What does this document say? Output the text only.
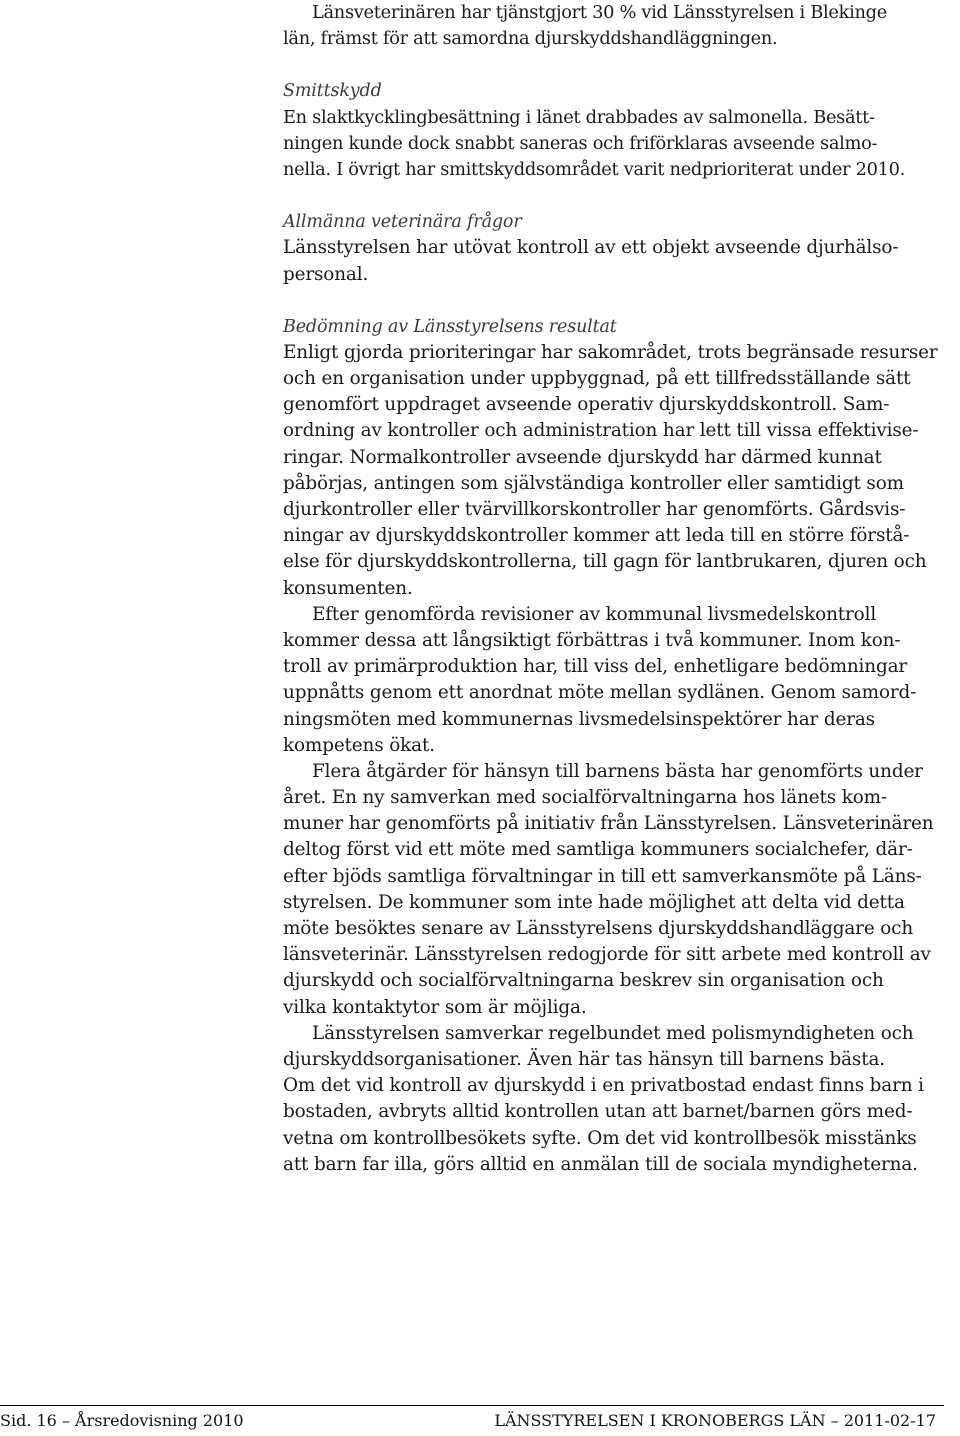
Länsveterinären har tjänstgjort 30 % vid Länsstyrelsen i Blekinge
län, främst för att samordna djurskyddshandläggningen.
Smittskydd
En slaktkycklingbesättning i länet drabbades av salmonella. Besätt-
ningen kunde dock snabbt saneras och friförklaras avseende salmo-
nella. I övrigt har smittskyddsområdet varit nedprioriterat under 2010.
Allmänna veterinära frågor
Länsstyrelsen har utövat kontroll av ett objekt avseende djurhälso-
personal.
Bedömning av Länsstyrelsens resultat
Enligt gjorda prioriteringar har sakområdet, trots begränsade resurser
och en organisation under uppbyggnad, på ett tillfredsställande sätt
genomfört uppdraget avseende operativ djurskyddskontroll. Sam-
ordning av kontroller och administration har lett till vissa effektivise-
ringar. Normalkontroller avseende djurskydd har därmed kunnat
påbörjas, antingen som självständiga kontroller eller samtidigt som
djurkontroller eller tvärvillkorskontroller har genomförts. Gårdsvis-
ningar av djurskyddskontroller kommer att leda till en större förstå-
else för djurskyddskontrollerna, till gagn för lantbrukaren, djuren och
konsumenten.
Efter genomförda revisioner av kommunal livsmedelskontroll
kommer dessa att långsiktigt förbättras i två kommuner. Inom kon-
troll av primärproduktion har, till viss del, enhetligare bedömningar
uppnåtts genom ett anordnat möte mellan sydlänen. Genom samord-
ningsmöten med kommunernas livsmedelsinspektörer har deras
kompetens ökat.
Flera åtgärder för hänsyn till barnens bästa har genomförts under
året. En ny samverkan med socialförvaltningarna hos länets kom-
muner har genomförts på initiativ från Länsstyrelsen. Länsveterinären
deltog först vid ett möte med samtliga kommuners socialchefer, där-
efter bjöds samtliga förvaltningar in till ett samverkansmöte på Läns-
styrelsen. De kommuner som inte hade möjlighet att delta vid detta
möte besöktes senare av Länsstyrelsens djurskyddshandläggare och
länsveterinär. Länsstyrelsen redogjorde för sitt arbete med kontroll av
djurskydd och socialförvaltningarna beskrev sin organisation och
vilka kontaktytor som är möjliga.
Länsstyrelsen samverkar regelbundet med polismyndigheten och
djurskyddsorganisationer. Även här tas hänsyn till barnens bästa.
Om det vid kontroll av djurskydd i en privatbostad endast finns barn i
bostaden, avbryts alltid kontrollen utan att barnet/barnen görs med-
vetna om kontrollbesökets syfte. Om det vid kontrollbesök misstänks
att barn far illa, görs alltid en anmälan till de sociala myndigheterna.
Sid. 16 – Årsredovisning 2010	LÄNSSTYRELSEN I KRONOBERGS LÄN – 2011-02-17
